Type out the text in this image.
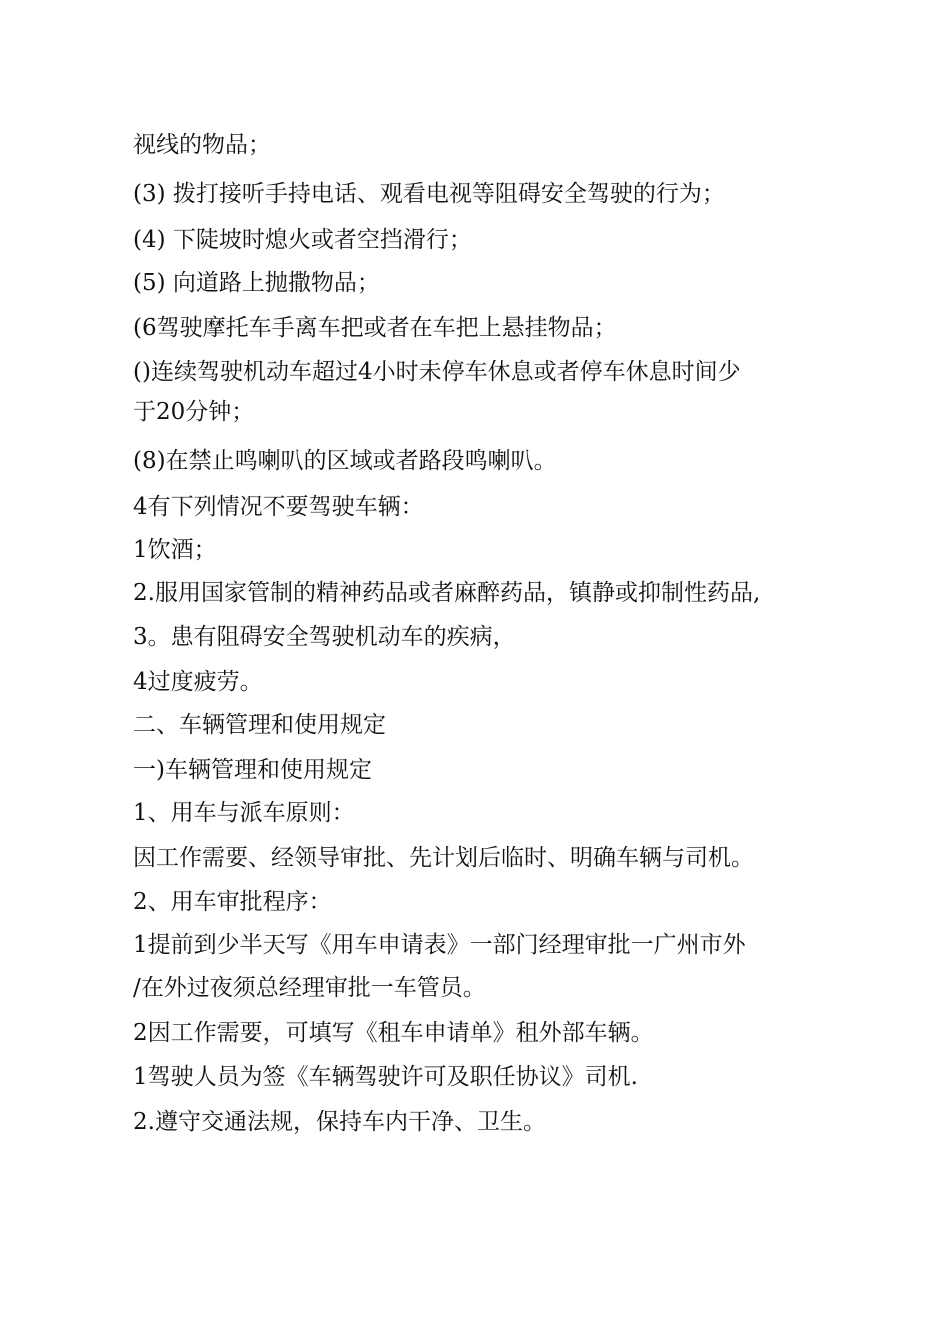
视线的物品；
(3) 拨打接听手持电话、观看电视等阻碍安全驾驶的行为；
(4) 下陡坡时熄火或者空挡滑行；
(5) 向道路上抛撒物品；
(6驾驶摩托车手离车把或者在车把上悬挂物品；
()连续驾驶机动车超过4小时未停车休息或者停车休息时间少
于20分钟；
(8)在禁止鸣喇叭的区域或者路段鸣喇叭。
4有下列情况不要驾驶车辆：
1饮酒；
2.服用国家管制的精神药品或者麻醉药品，镇静或抑制性药品,
3。患有阻碍安全驾驶机动车的疾病，
4过度疲劳。
二、车辆管理和使用规定
一)车辆管理和使用规定
1、用车与派车原则：
因工作需要、经领导审批、先计划后临时、明确车辆与司机。
2、用车审批程序：
1提前到少半天写《用车申请表》一部门经理审批一广州市外
/在外过夜须总经理审批一车管员。
2因工作需要，可填写《租车申请单》租外部车辆。
1驾驶人员为签《车辆驾驶许可及职任协议》司机.
2.遵守交通法规，保持车内干净、卫生。
